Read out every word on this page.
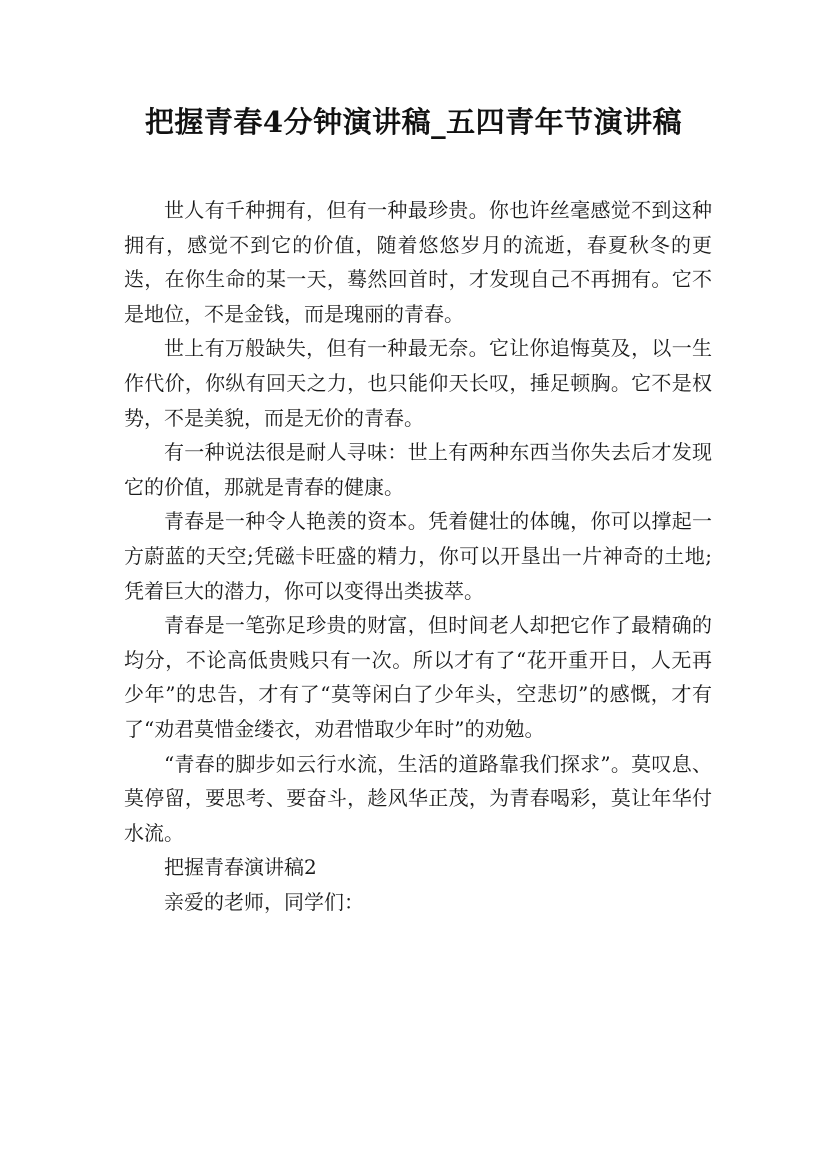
把握青春4分钟演讲稿_五四青年节演讲稿

世人有千种拥有，但有一种最珍贵。你也许丝毫感觉不到这种拥有，感觉不到它的价值，随着悠悠岁月的流逝，春夏秋冬的更迭，在你生命的某一天，蓦然回首时，才发现自己不再拥有。它不是地位，不是金钱，而是瑰丽的青春。

世上有万般缺失，但有一种最无奈。它让你追悔莫及，以一生作代价，你纵有回天之力，也只能仰天长叹，捶足顿胸。它不是权势，不是美貌，而是无价的青春。

有一种说法很是耐人寻味：世上有两种东西当你失去后才发现它的价值，那就是青春的健康。

青春是一种令人艳羡的资本。凭着健壮的体魄，你可以撑起一方蔚蓝的天空;凭磁卡旺盛的精力，你可以开垦出一片神奇的土地;凭着巨大的潜力，你可以变得出类拔萃。

青春是一笔弥足珍贵的财富，但时间老人却把它作了最精确的均分，不论高低贵贱只有一次。所以才有了“花开重开日，人无再少年”的忠告，才有了“莫等闲白了少年头，空悲切”的感慨，才有了“劝君莫惜金缕衣，劝君惜取少年时”的劝勉。

“青春的脚步如云行水流，生活的道路靠我们探求”。莫叹息、莫停留，要思考、要奋斗，趁风华正茂，为青春喝彩，莫让年华付水流。

把握青春演讲稿2

亲爱的老师，同学们：
